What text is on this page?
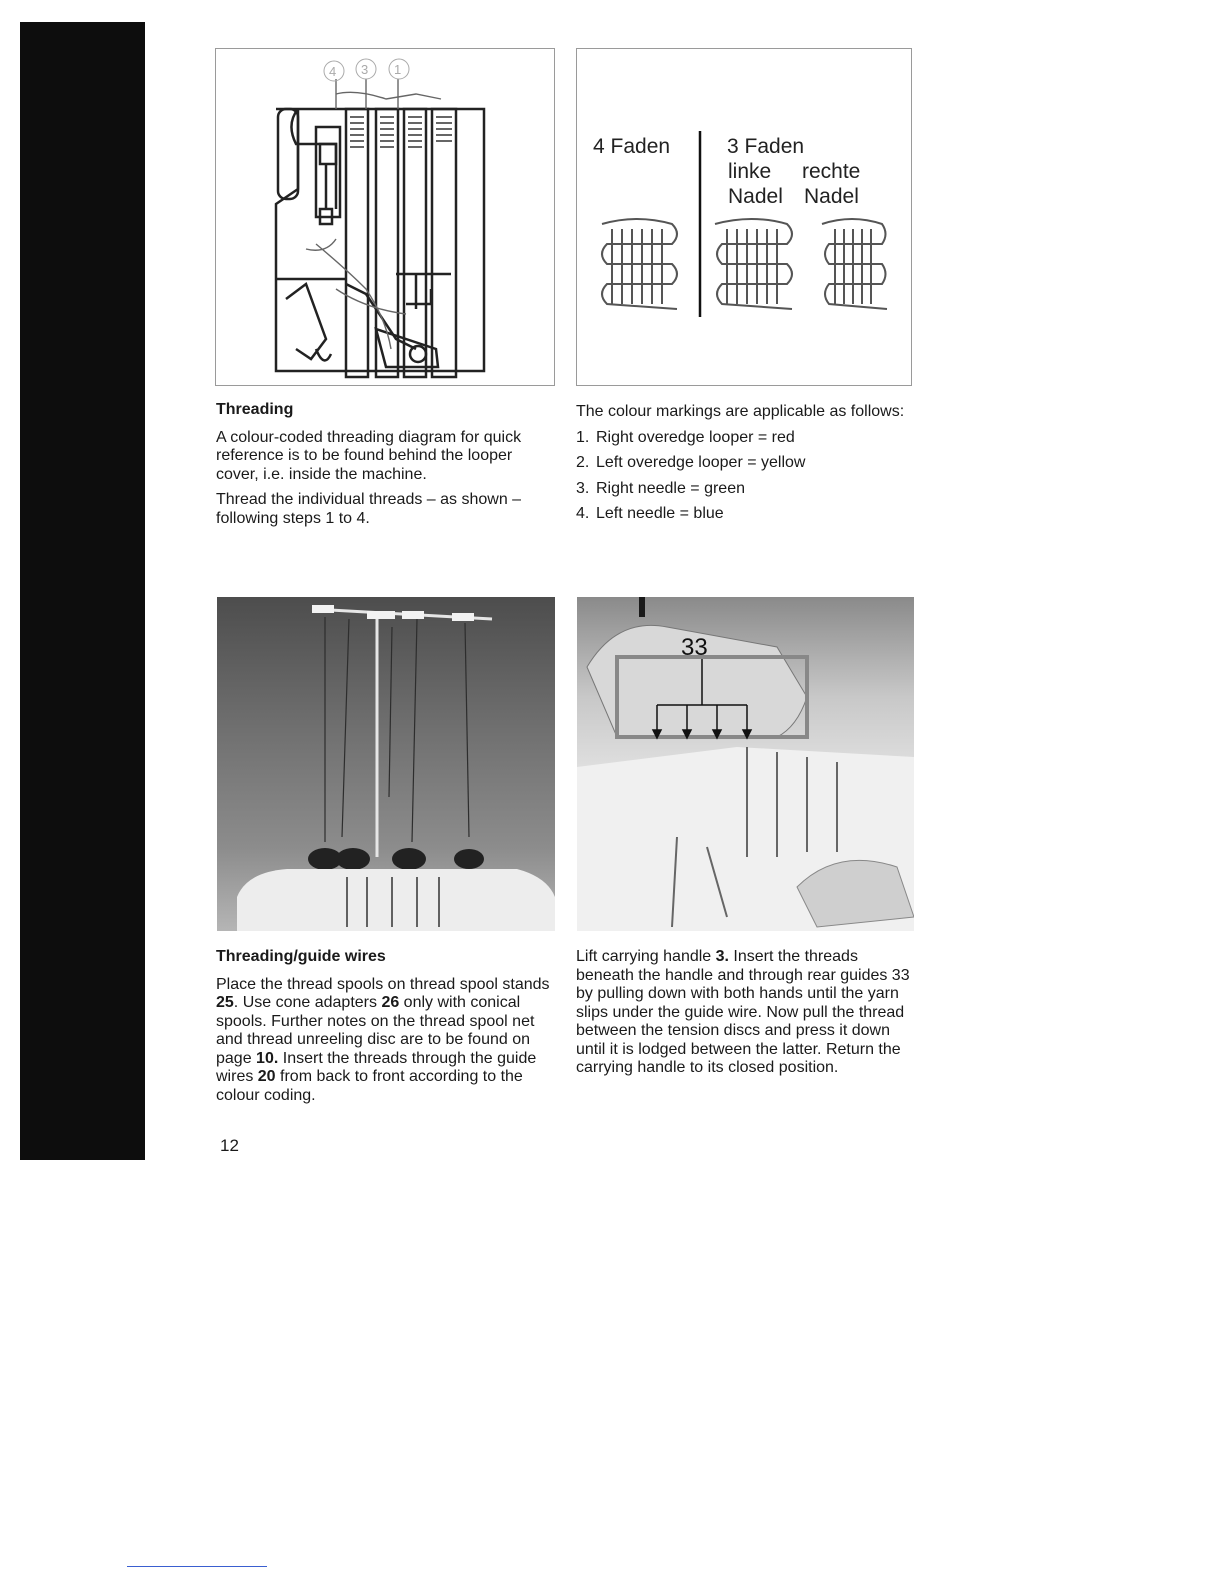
4 3 1
4 Faden	3 Faden
linke
Nadel
rechte
Nadel
Threading

A colour-coded threading diagram for quick reference is to be found behind the looper cover, i.e. inside the machine.

Thread the individual threads – as shown – following steps 1 to 4.

The colour markings are applicable as follows:

1. Right overedge looper = red
2. Left overedge looper = yellow
3. Right needle = green
4. Left needle = blue
33
Threading/guide wires

Place the thread spools on thread spool stands 25. Use cone adapters 26 only with conical spools. Further notes on the thread spool net and thread unreeling disc are to be found on page 10. Insert the threads through the guide wires 20 from back to front according to the colour coding.

Lift carrying handle 3. Insert the threads beneath the handle and through rear guides 33 by pulling down with both hands until the yarn slips under the guide wire. Now pull the thread between the tension discs and press it down until it is lodged between the latter. Return the carrying handle to its closed position.

12
